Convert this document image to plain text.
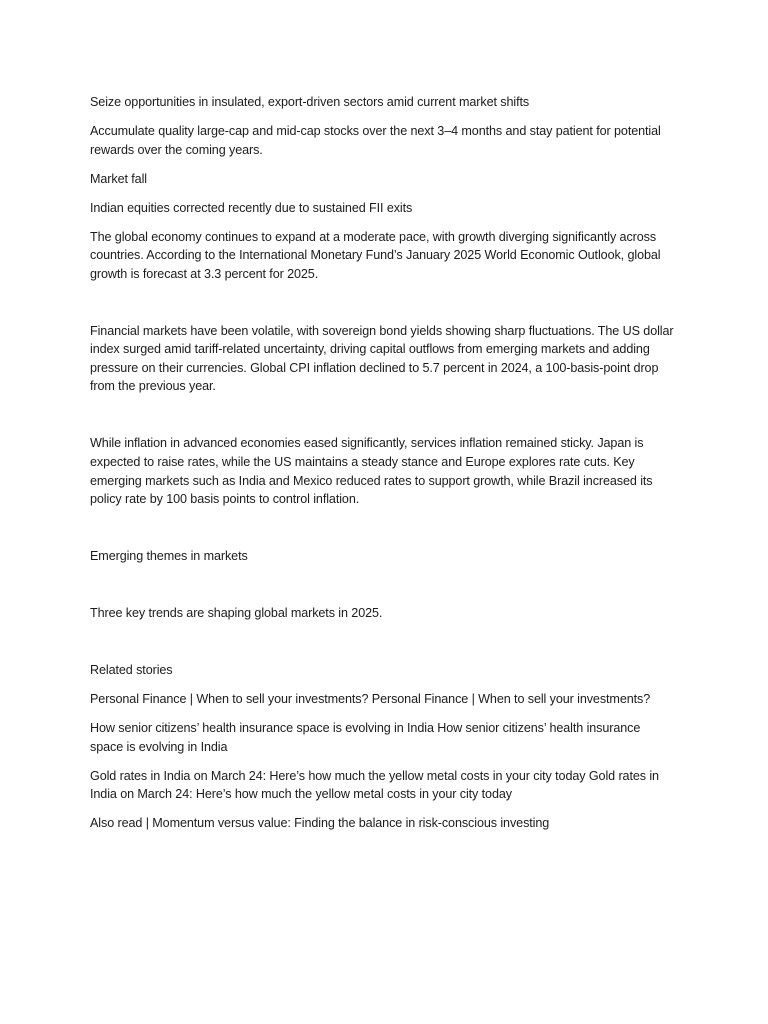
Seize opportunities in insulated, export-driven sectors amid current market shifts

Accumulate quality large-cap and mid-cap stocks over the next 3–4 months and stay patient for potential rewards over the coming years.

Market fall

Indian equities corrected recently due to sustained FII exits

The global economy continues to expand at a moderate pace, with growth diverging significantly across countries. According to the International Monetary Fund’s January 2025 World Economic Outlook, global growth is forecast at 3.3 percent for 2025.

Financial markets have been volatile, with sovereign bond yields showing sharp fluctuations. The US dollar index surged amid tariff-related uncertainty, driving capital outflows from emerging markets and adding pressure on their currencies. Global CPI inflation declined to 5.7 percent in 2024, a 100-basis-point drop from the previous year.

While inflation in advanced economies eased significantly, services inflation remained sticky. Japan is expected to raise rates, while the US maintains a steady stance and Europe explores rate cuts. Key emerging markets such as India and Mexico reduced rates to support growth, while Brazil increased its policy rate by 100 basis points to control inflation.

Emerging themes in markets

Three key trends are shaping global markets in 2025.

Related stories

Personal Finance | When to sell your investments? Personal Finance | When to sell your investments?

How senior citizens’ health insurance space is evolving in India How senior citizens’ health insurance space is evolving in India

Gold rates in India on March 24: Here’s how much the yellow metal costs in your city today Gold rates in India on March 24: Here’s how much the yellow metal costs in your city today

Also read | Momentum versus value: Finding the balance in risk-conscious investing
